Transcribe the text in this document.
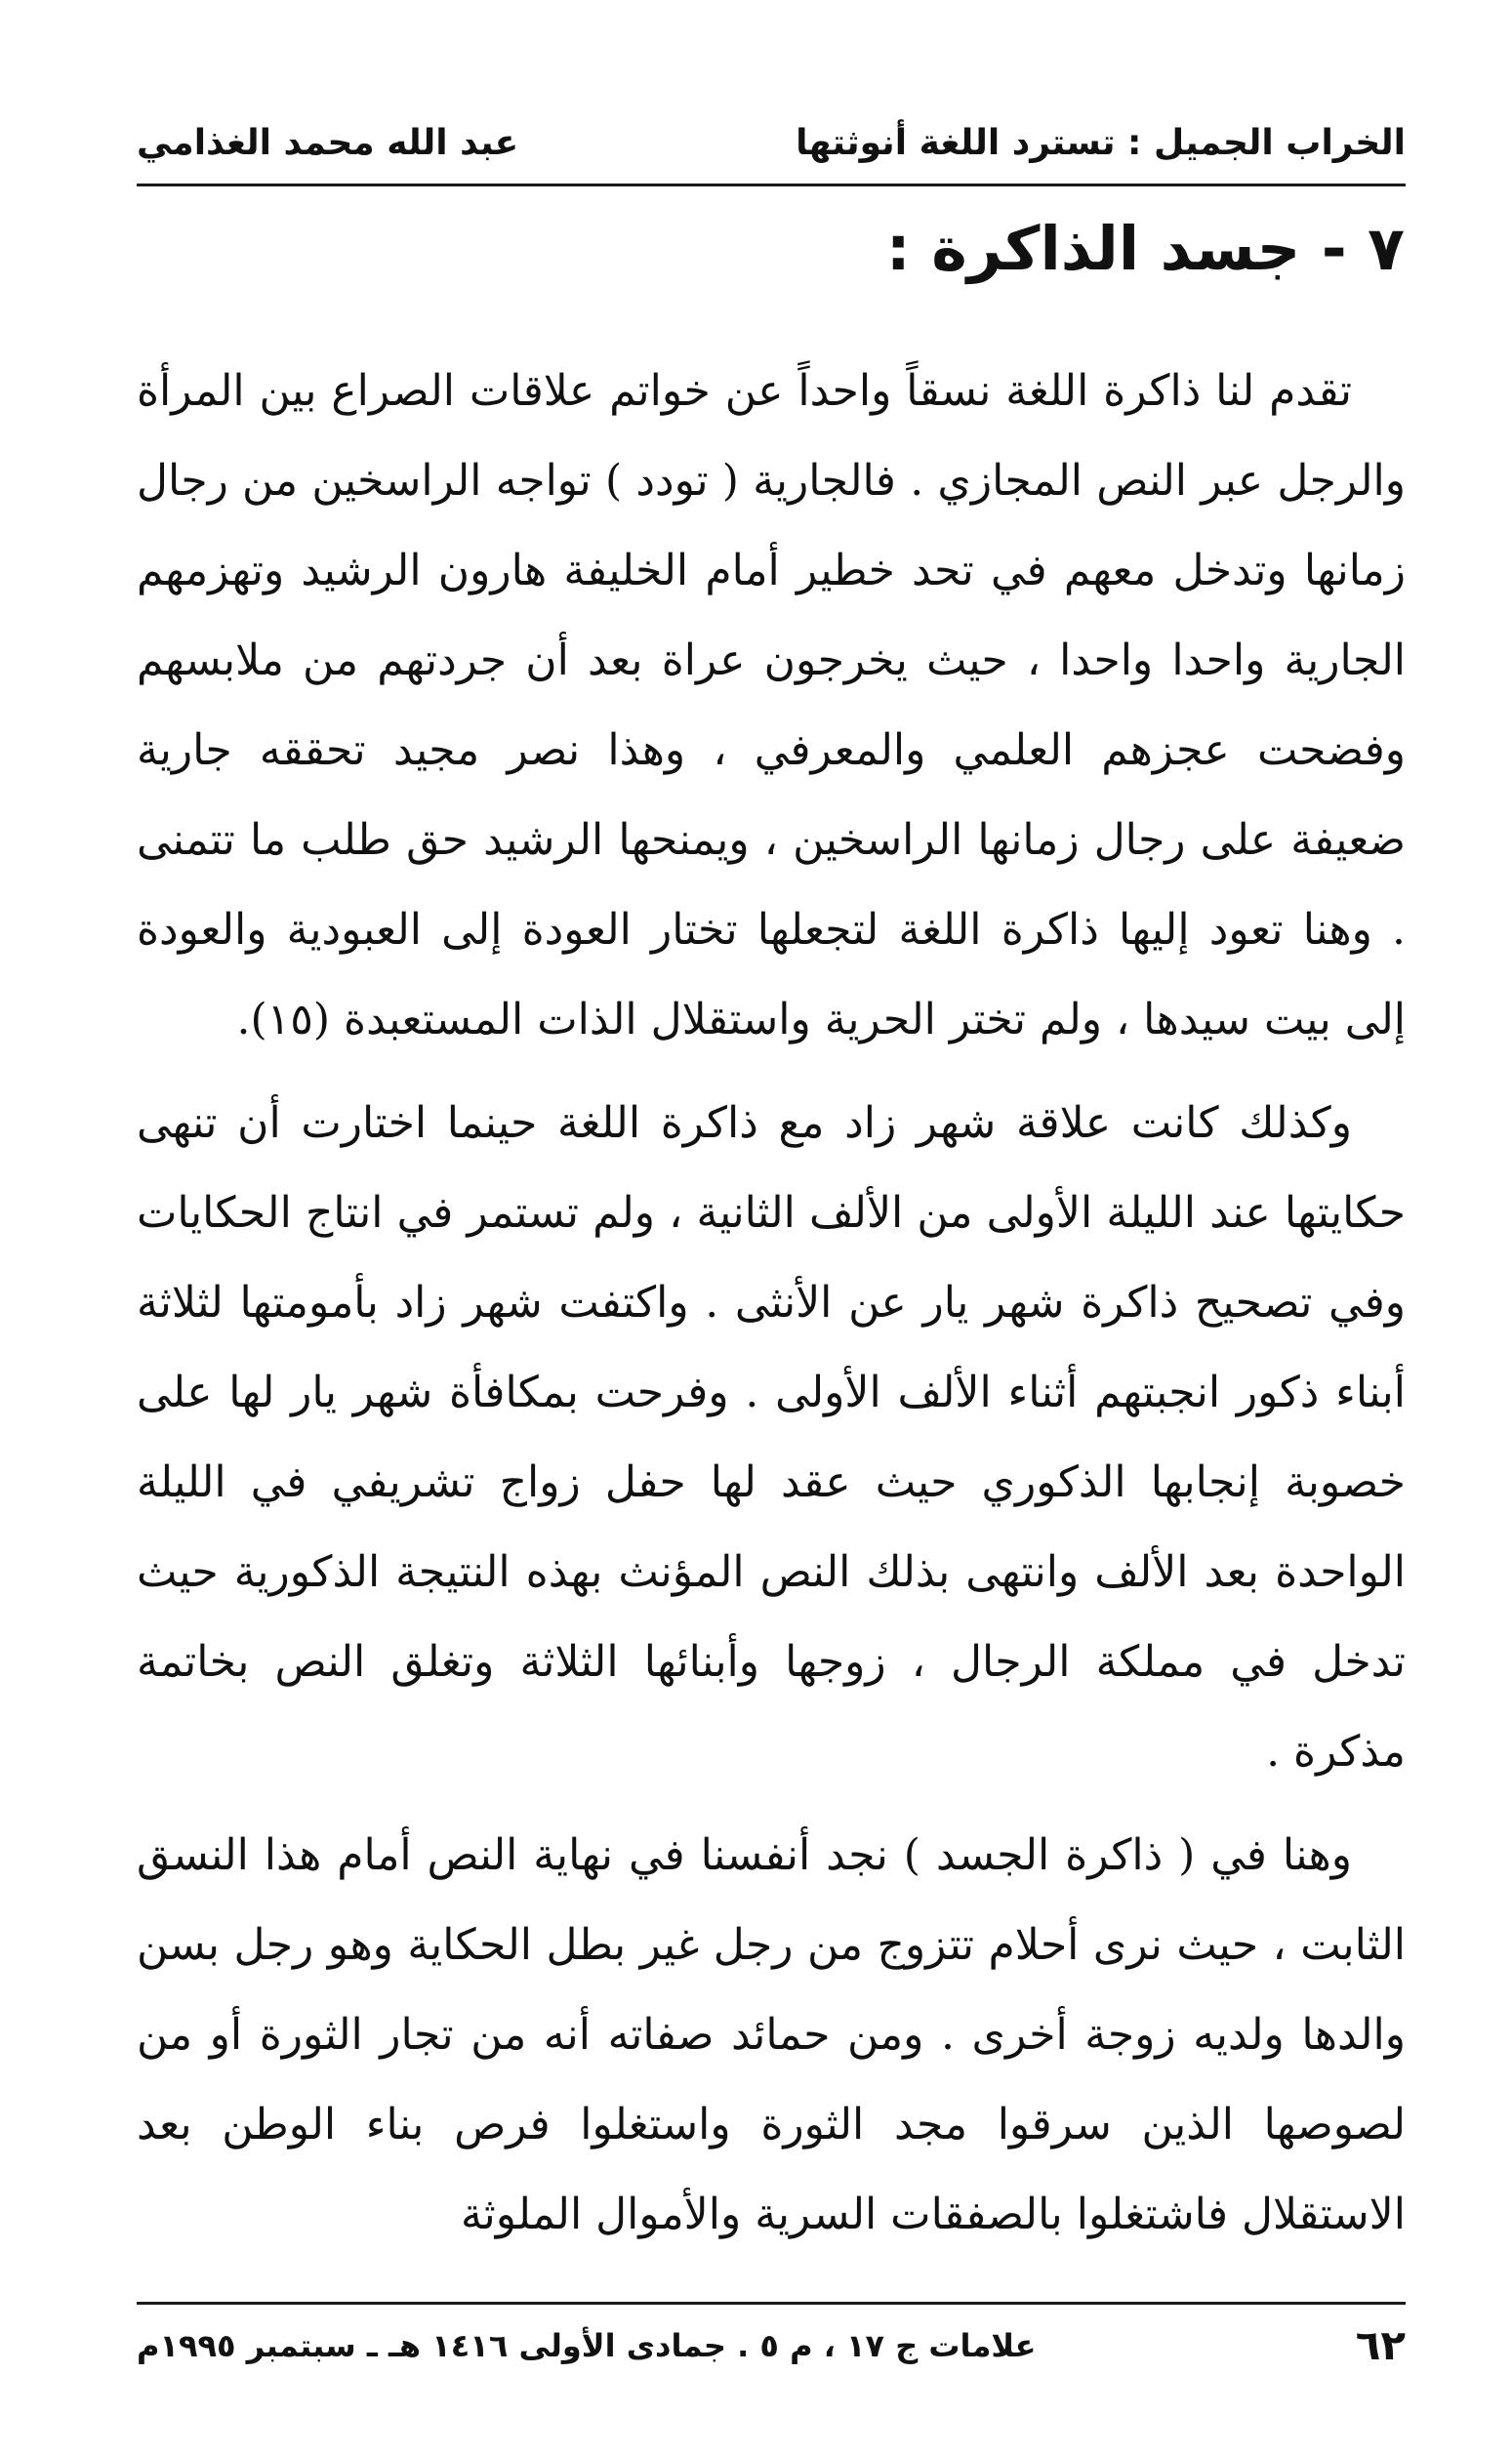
الخراب الجميل : تسترد اللغة أنوثتها
عبد الله محمد الغذامي
٧ - جسد الذاكرة :

تقدم لنا ذاكرة اللغة نسقاً واحداً عن خواتم علاقات الصراع بين المرأة والرجل عبر النص المجازي . فالجارية ( تودد ) تواجه الراسخين من رجال زمانها وتدخل معهم في تحد خطير أمام الخليفة هارون الرشيد وتهزمهم الجارية واحدا واحدا ، حيث يخرجون عراة بعد أن جردتهم من ملابسهم وفضحت عجزهم العلمي والمعرفي ، وهذا نصر مجيد تحققه جارية ضعيفة على رجال زمانها الراسخين ، ويمنحها الرشيد حق طلب ما تتمنى . وهنا تعود إليها ذاكرة اللغة لتجعلها تختار العودة إلى العبودية والعودة إلى بيت سيدها ، ولم تختر الحرية واستقلال الذات المستعبدة (١٥).

وكذلك كانت علاقة شهر زاد مع ذاكرة اللغة حينما اختارت أن تنهى حكايتها عند الليلة الأولى من الألف الثانية ، ولم تستمر في انتاج الحكايات وفي تصحيح ذاكرة شهر يار عن الأنثى . واكتفت شهر زاد بأمومتها لثلاثة أبناء ذكور انجبتهم أثناء الألف الأولى . وفرحت بمكافأة شهر يار لها على خصوبة إنجابها الذكوري حيث عقد لها حفل زواج تشريفي في الليلة الواحدة بعد الألف وانتهى بذلك النص المؤنث بهذه النتيجة الذكورية حيث تدخل في مملكة الرجال ، زوجها وأبنائها الثلاثة وتغلق النص بخاتمة مذكرة .

وهنا في ( ذاكرة الجسد ) نجد أنفسنا في نهاية النص أمام هذا النسق الثابت ، حيث نرى أحلام تتزوج من رجل غير بطل الحكاية وهو رجل بسن والدها ولديه زوجة أخرى . ومن حمائد صفاته أنه من تجار الثورة أو من لصوصها الذين سرقوا مجد الثورة واستغلوا فرص بناء الوطن بعد الاستقلال فاشتغلوا بالصفقات السرية والأموال الملوثة

٦٢
علامات ج ١٧ ، م ٥ . جمادى الأولى ١٤١٦ هـ ـ سبتمبر ١٩٩٥م
